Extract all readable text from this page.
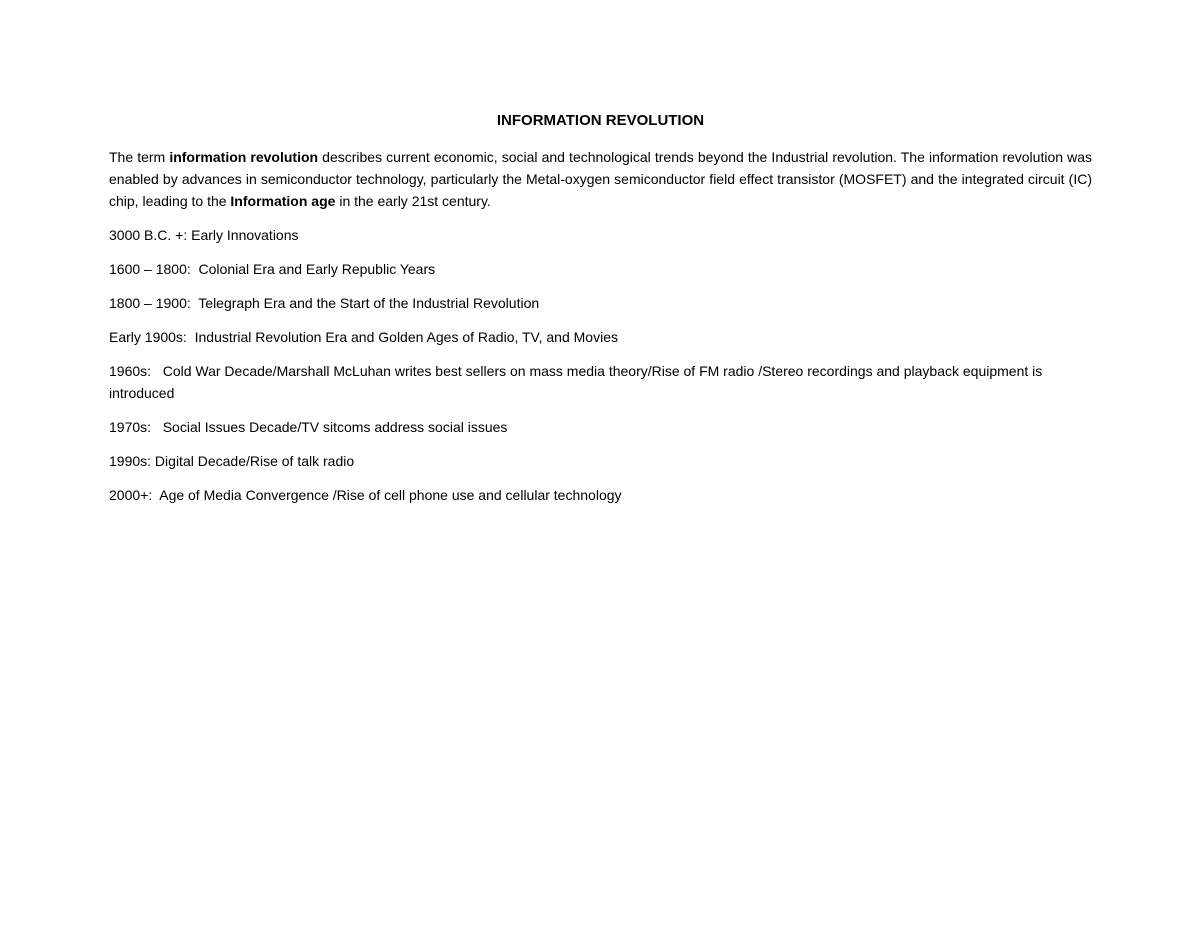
INFORMATION REVOLUTION

The term information revolution describes current economic, social and technological trends beyond the Industrial revolution. The information revolution was enabled by advances in semiconductor technology, particularly the Metal-oxygen semiconductor field effect transistor (MOSFET) and the integrated circuit (IC) chip, leading to the Information age in the early 21st century.

3000 B.C. +: Early Innovations

1600 – 1800:  Colonial Era and Early Republic Years

1800 – 1900:  Telegraph Era and the Start of the Industrial Revolution

Early 1900s:  Industrial Revolution Era and Golden Ages of Radio, TV, and Movies

1960s:   Cold War Decade/Marshall McLuhan writes best sellers on mass media theory/Rise of FM radio /Stereo recordings and playback equipment is introduced

1970s:   Social Issues Decade/TV sitcoms address social issues

1990s: Digital Decade/Rise of talk radio

2000+:  Age of Media Convergence /Rise of cell phone use and cellular technology
